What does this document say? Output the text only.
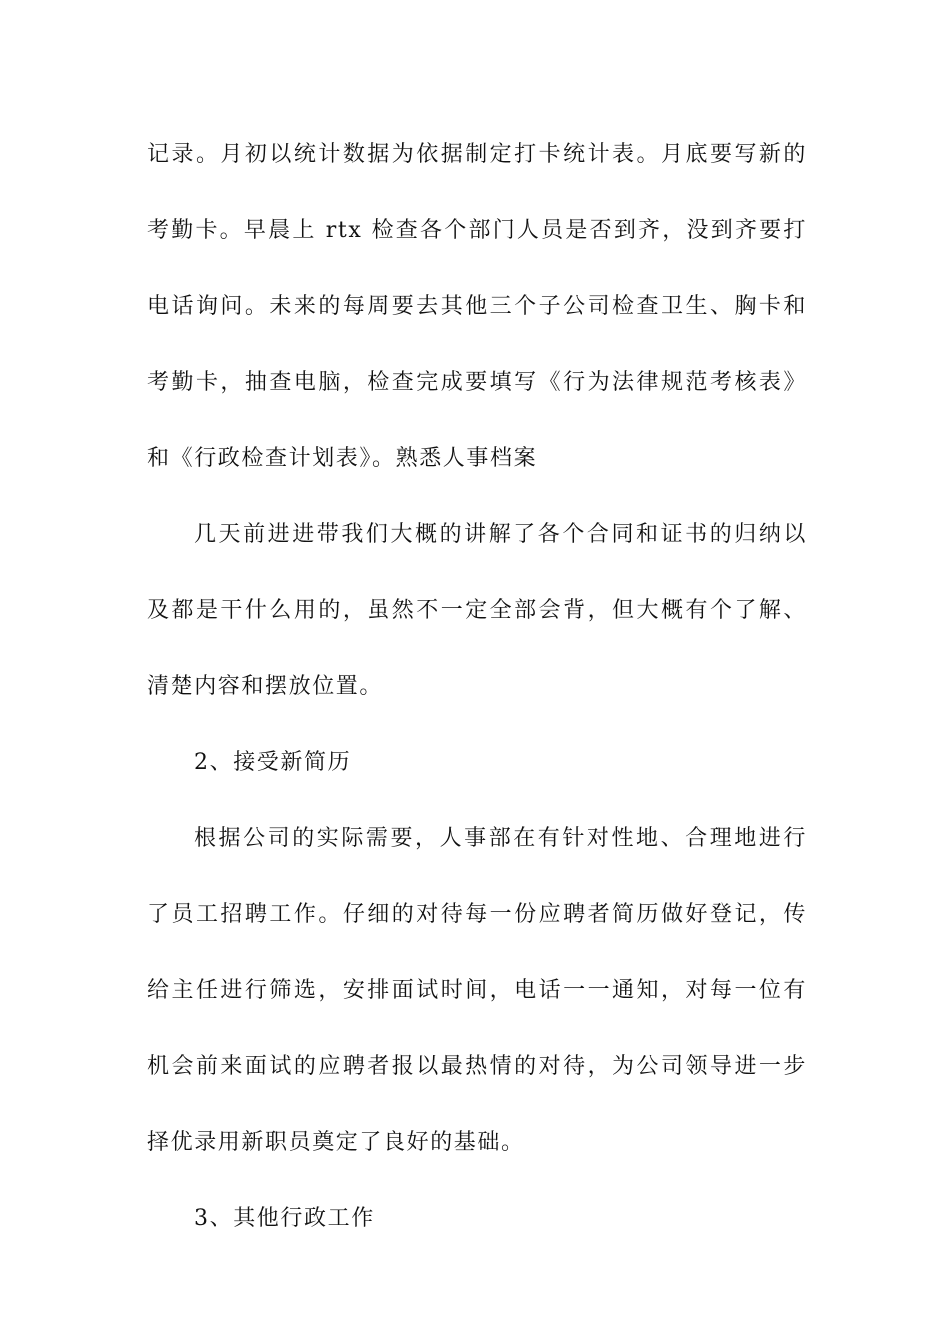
记录。月初以统计数据为依据制定打卡统计表。月底要写新的
考勤卡。早晨上 rtx 检查各个部门人员是否到齐，没到齐要打
电话询问。未来的每周要去其他三个子公司检查卫生、胸卡和
考勤卡，抽查电脑，检查完成要填写《行为法律规范考核表》
和《行政检查计划表》。熟悉人事档案
几天前进进带我们大概的讲解了各个合同和证书的归纳以
及都是干什么用的，虽然不一定全部会背，但大概有个了解、
清楚内容和摆放位置。
2、接受新简历
根据公司的实际需要，人事部在有针对性地、合理地进行
了员工招聘工作。仔细的对待每一份应聘者简历做好登记，传
给主任进行筛选，安排面试时间，电话一一通知，对每一位有
机会前来面试的应聘者报以最热情的对待，为公司领导进一步
择优录用新职员奠定了良好的基础。
3、其他行政工作
